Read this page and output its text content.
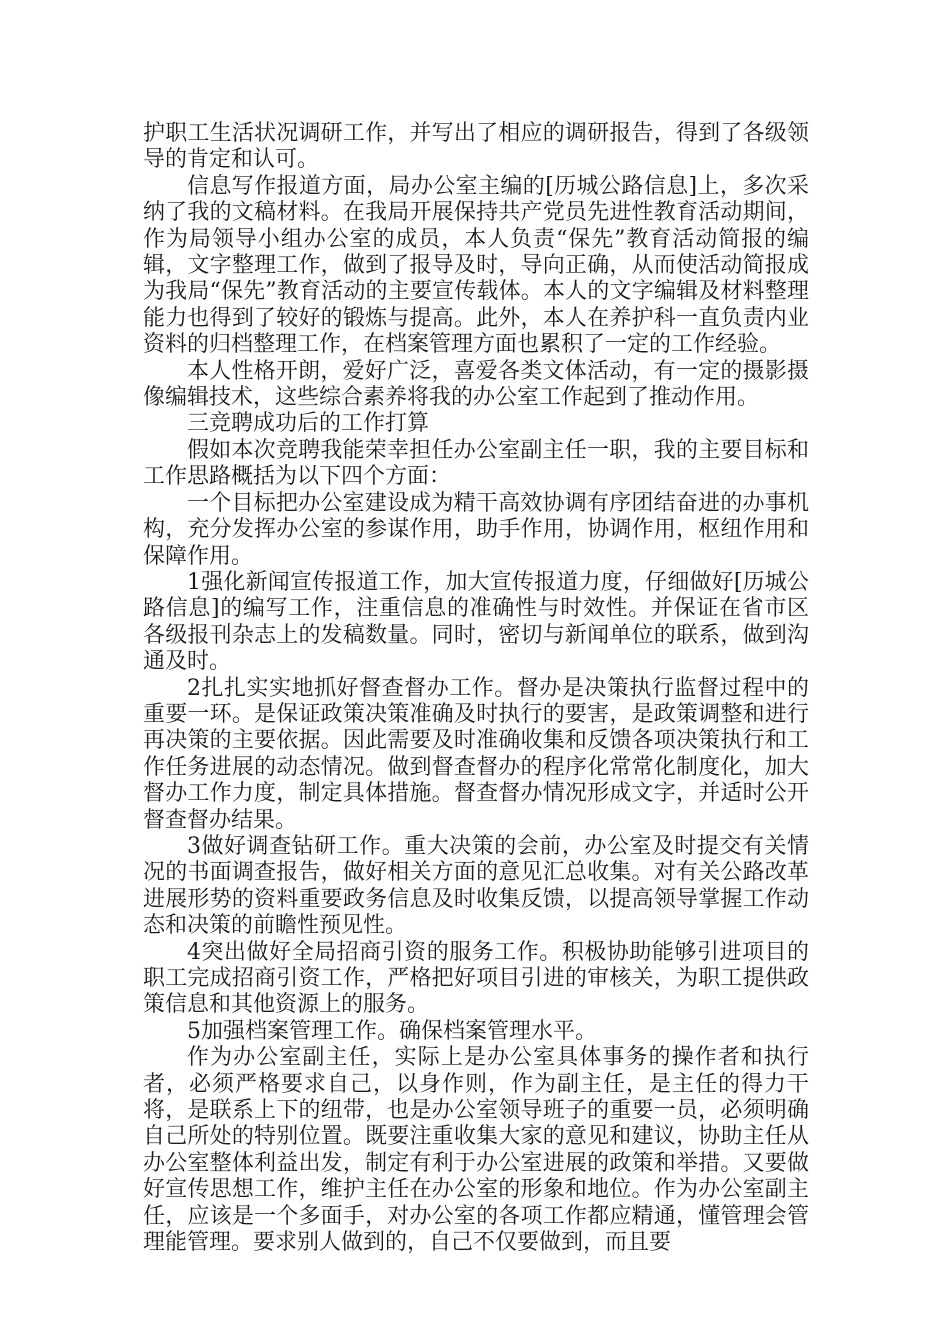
护职工生活状况调研工作，并写出了相应的调研报告，得到了各级领导的肯定和认可。

信息写作报道方面，局办公室主编的[历城公路信息]上，多次采纳了我的文稿材料。在我局开展保持共产党员先进性教育活动期间，作为局领导小组办公室的成员，本人负责“保先”教育活动简报的编辑，文字整理工作，做到了报导及时，导向正确，从而使活动简报成为我局“保先”教育活动的主要宣传载体。本人的文字编辑及材料整理能力也得到了较好的锻炼与提高。此外，本人在养护科一直负责内业资料的归档整理工作，在档案管理方面也累积了一定的工作经验。

本人性格开朗，爱好广泛，喜爱各类文体活动，有一定的摄影摄像编辑技术，这些综合素养将我的办公室工作起到了推动作用。

三竞聘成功后的工作打算

假如本次竞聘我能荣幸担任办公室副主任一职，我的主要目标和工作思路概括为以下四个方面：

一个目标把办公室建设成为精干高效协调有序团结奋进的办事机构，充分发挥办公室的参谋作用，助手作用，协调作用，枢纽作用和保障作用。

1强化新闻宣传报道工作，加大宣传报道力度，仔细做好[历城公路信息]的编写工作，注重信息的准确性与时效性。并保证在省市区各级报刊杂志上的发稿数量。同时，密切与新闻单位的联系，做到沟通及时。

2扎扎实实地抓好督查督办工作。督办是决策执行监督过程中的重要一环。是保证政策决策准确及时执行的要害，是政策调整和进行再决策的主要依据。因此需要及时准确收集和反馈各项决策执行和工作任务进展的动态情况。做到督查督办的程序化常常化制度化，加大督办工作力度，制定具体措施。督查督办情况形成文字，并适时公开督查督办结果。

3做好调查钻研工作。重大决策的会前，办公室及时提交有关情况的书面调查报告，做好相关方面的意见汇总收集。对有关公路改革进展形势的资料重要政务信息及时收集反馈，以提高领导掌握工作动态和决策的前瞻性预见性。

4突出做好全局招商引资的服务工作。积极协助能够引进项目的职工完成招商引资工作，严格把好项目引进的审核关，为职工提供政策信息和其他资源上的服务。

5加强档案管理工作。确保档案管理水平。

作为办公室副主任，实际上是办公室具体事务的操作者和执行者，必须严格要求自己，以身作则，作为副主任，是主任的得力干将，是联系上下的纽带，也是办公室领导班子的重要一员，必须明确自己所处的特别位置。既要注重收集大家的意见和建议，协助主任从办公室整体利益出发，制定有利于办公室进展的政策和举措。又要做好宣传思想工作，维护主任在办公室的形象和地位。作为办公室副主任，应该是一个多面手，对办公室的各项工作都应精通，懂管理会管理能管理。要求别人做到的，自己不仅要做到，而且要
